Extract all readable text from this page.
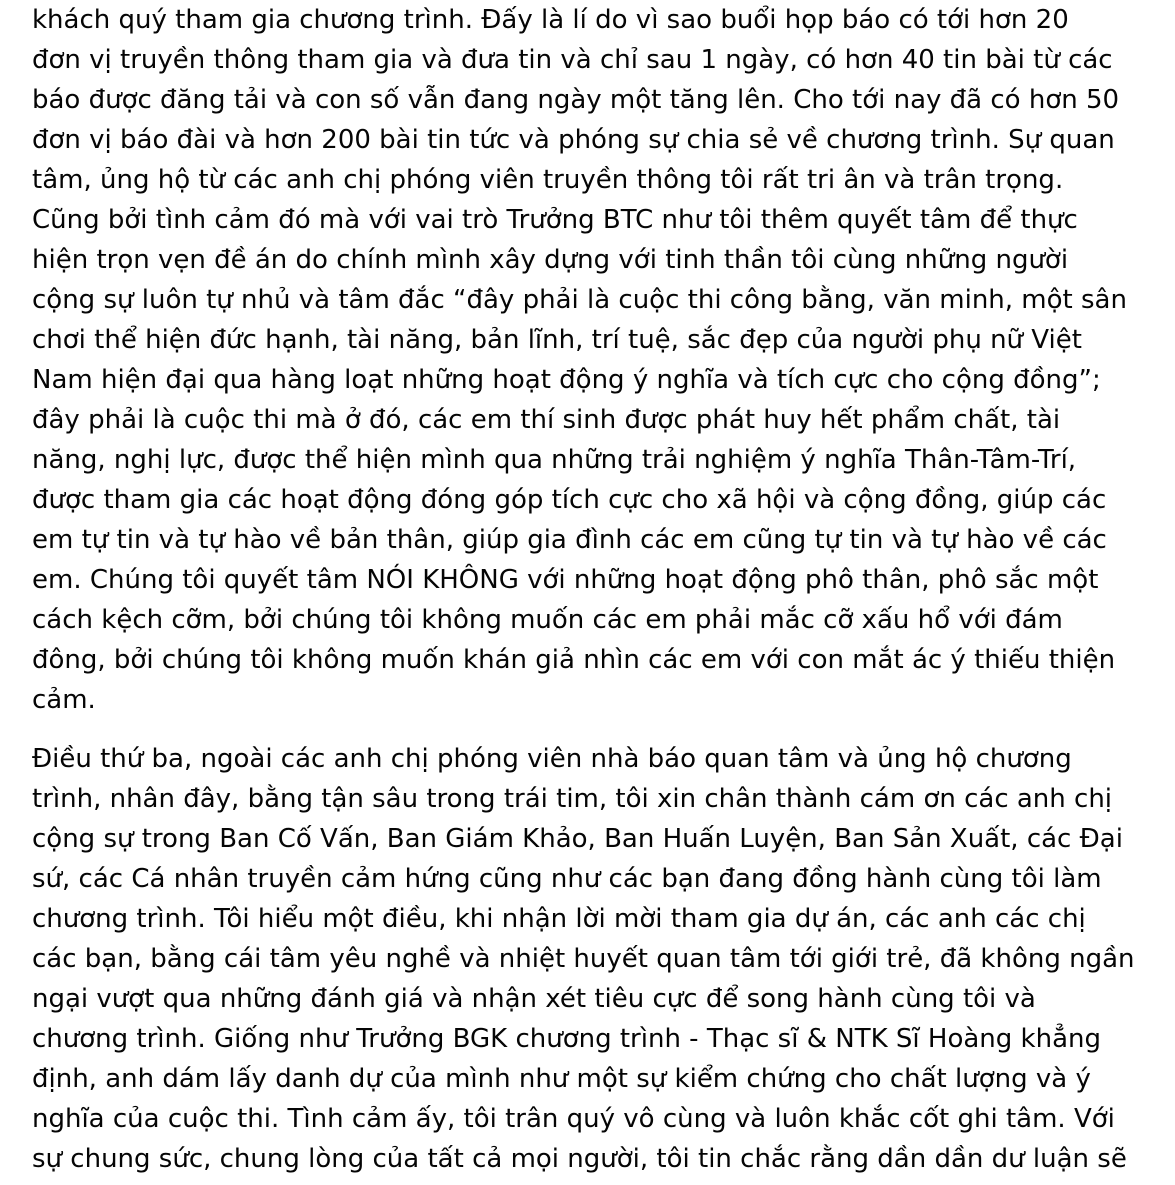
khách quý tham gia chương trình. Đấy là lí do vì sao buổi họp báo có tới hơn 20
đơn vị truyền thông tham gia và đưa tin và chỉ sau 1 ngày, có hơn 40 tin bài từ các
báo được đăng tải và con số vẫn đang ngày một tăng lên. Cho tới nay đã có hơn 50
đơn vị báo đài và hơn 200 bài tin tức và phóng sự chia sẻ về chương trình. Sự quan
tâm, ủng hộ từ các anh chị phóng viên truyền thông tôi rất tri ân và trân trọng.
Cũng bởi tình cảm đó mà với vai trò Trưởng BTC như tôi thêm quyết tâm để thực
hiện trọn vẹn đề án do chính mình xây dựng với tinh thần tôi cùng những người
cộng sự luôn tự nhủ và tâm đắc “đây phải là cuộc thi công bằng, văn minh, một sân
chơi thể hiện đức hạnh, tài năng, bản lĩnh, trí tuệ, sắc đẹp của người phụ nữ Việt
Nam hiện đại qua hàng loạt những hoạt động ý nghĩa và tích cực cho cộng đồng”;
đây phải là cuộc thi mà ở đó, các em thí sinh được phát huy hết phẩm chất, tài
năng, nghị lực, được thể hiện mình qua những trải nghiệm ý nghĩa Thân-Tâm-Trí,
được tham gia các hoạt động đóng góp tích cực cho xã hội và cộng đồng, giúp các
em tự tin và tự hào về bản thân, giúp gia đình các em cũng tự tin và tự hào về các
em. Chúng tôi quyết tâm NÓI KHÔNG với những hoạt động phô thân, phô sắc một
cách kệch cỡm, bởi chúng tôi không muốn các em phải mắc cỡ xấu hổ với đám
đông, bởi chúng tôi không muốn khán giả nhìn các em với con mắt ác ý thiếu thiện
cảm.
Điều thứ ba, ngoài các anh chị phóng viên nhà báo quan tâm và ủng hộ chương
trình, nhân đây, bằng tận sâu trong trái tim, tôi xin chân thành cám ơn các anh chị
cộng sự trong Ban Cố Vấn, Ban Giám Khảo, Ban Huấn Luyện, Ban Sản Xuất, các Đại
sứ, các Cá nhân truyền cảm hứng cũng như các bạn đang đồng hành cùng tôi làm
chương trình. Tôi hiểu một điều, khi nhận lời mời tham gia dự án, các anh các chị
các bạn, bằng cái tâm yêu nghề và nhiệt huyết quan tâm tới giới trẻ, đã không ngần
ngại vượt qua những đánh giá và nhận xét tiêu cực để song hành cùng tôi và
chương trình. Giống như Trưởng BGK chương trình - Thạc sĩ & NTK Sĩ Hoàng khẳng
định, anh dám lấy danh dự của mình như một sự kiểm chứng cho chất lượng và ý
nghĩa của cuộc thi. Tình cảm ấy, tôi trân quý vô cùng và luôn khắc cốt ghi tâm. Với
sự chung sức, chung lòng của tất cả mọi người, tôi tin chắc rằng dần dần dư luận sẽ
